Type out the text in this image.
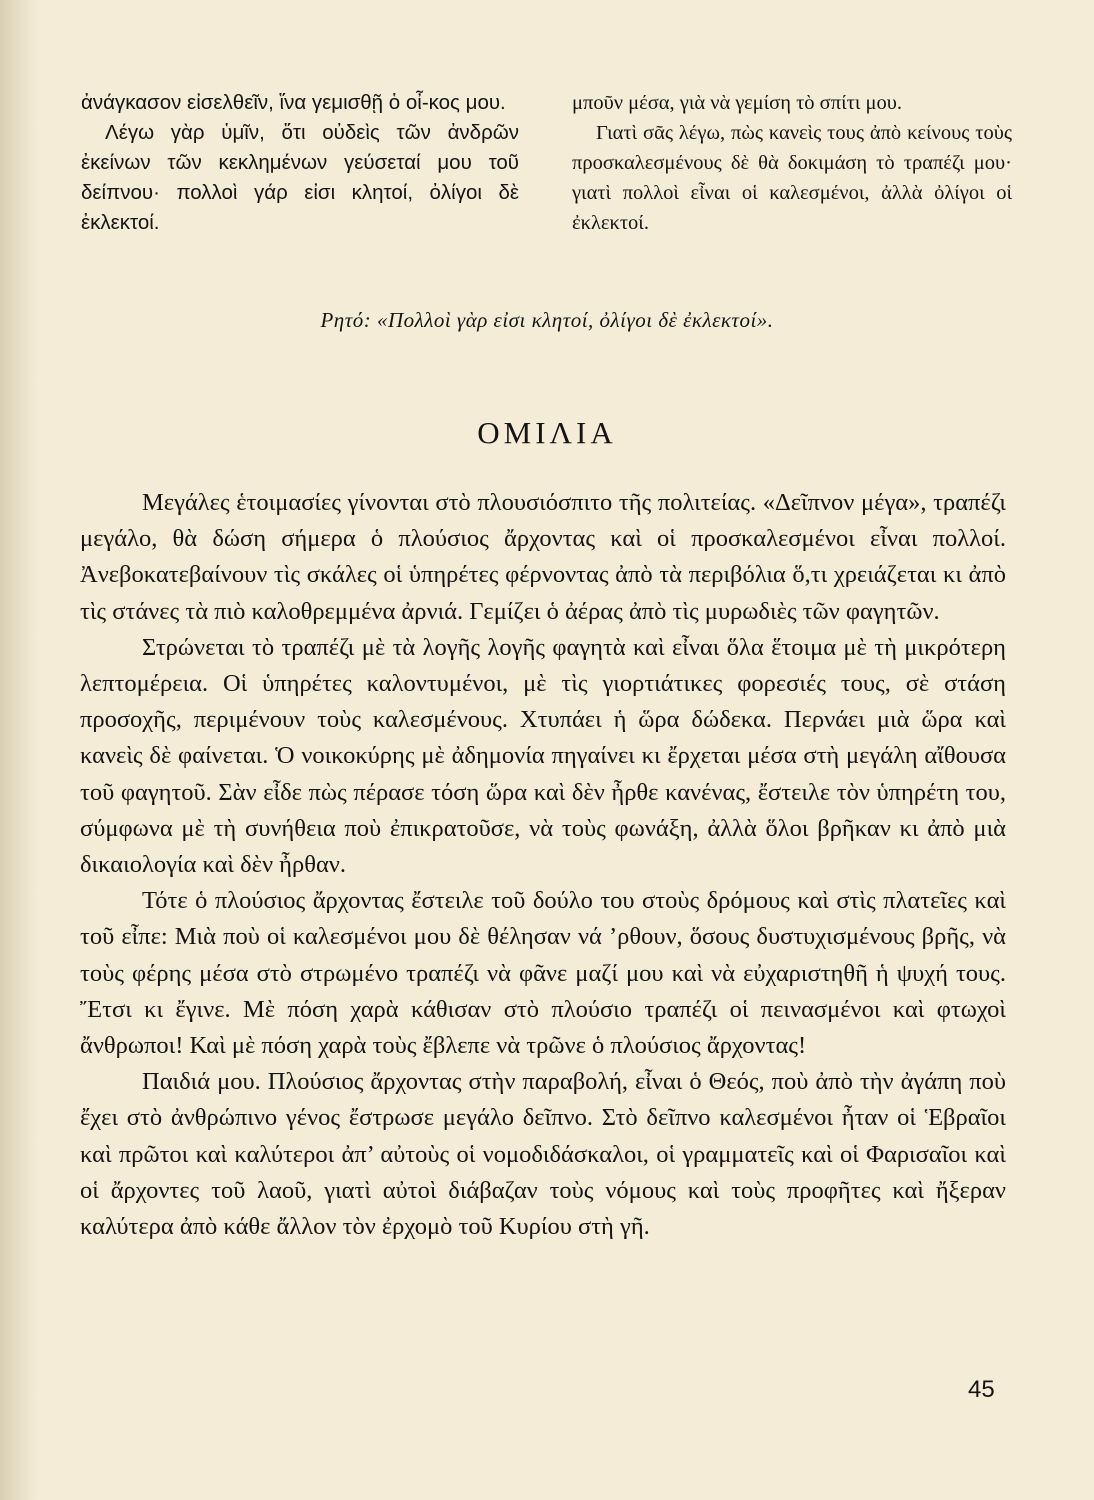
ἀνάγκασον εἰσελθεῖν, ἵνα γεμισθῇ ὁ οἶ-κος μου.

Λέγω γὰρ ὑμῖν, ὅτι οὐδεὶς τῶν ἀνδρῶν ἐκείνων τῶν κεκλημένων γεύσεταί μου τοῦ δείπνου· πολλοὶ γάρ εἰσι κλητοί, ὀλίγοι δὲ ἐκλεκτοί.

μποῦν μέσα, γιὰ νὰ γεμίση τὸ σπίτι μου.

Γιατὶ σᾶς λέγω, πὼς κανεὶς τους ἀπὸ κείνους τοὺς προσκαλεσμένους δὲ θὰ δοκιμάση τὸ τραπέζι μου· γιατὶ πολλοὶ εἶναι οἱ καλεσμένοι, ἀλλὰ ὀλίγοι οἱ ἐκλεκτοί.

Ρητό: «Πολλοὶ γὰρ εἰσι κλητοί, ὀλίγοι δὲ ἐκλεκτοί».
ΟΜΙΛΙΑ

Μεγάλες ἑτοιμασίες γίνονται στὸ πλουσιόσπιτο τῆς πολιτείας. «Δεῖπνον μέγα», τραπέζι μεγάλο, θὰ δώση σήμερα ὁ πλούσιος ἄρχοντας καὶ οἱ προσκαλεσμένοι εἶναι πολλοί. Ἀνεβοκατεβαίνουν τὶς σκάλες οἱ ὑπηρέτες φέρνοντας ἀπὸ τὰ περιβόλια ὅ,τι χρειάζεται κι ἀπὸ τὶς στάνες τὰ πιὸ καλοθρεμμένα ἀρνιά. Γεμίζει ὁ ἀέρας ἀπὸ τὶς μυρωδιὲς τῶν φαγητῶν.

Στρώνεται τὸ τραπέζι μὲ τὰ λογῆς λογῆς φαγητὰ καὶ εἶναι ὅλα ἕτοιμα μὲ τὴ μικρότερη λεπτομέρεια. Οἱ ὑπηρέτες καλοντυμένοι, μὲ τὶς γιορτιάτικες φορεσιές τους, σὲ στάση προσοχῆς, περιμένουν τοὺς καλεσμένους. Χτυπάει ἡ ὥρα δώδεκα. Περνάει μιὰ ὥρα καὶ κανεὶς δὲ φαίνεται. Ὁ νοικοκύρης μὲ ἀδημονία πηγαίνει κι ἔρχεται μέσα στὴ μεγάλη αἴθουσα τοῦ φαγητοῦ. Σὰν εἶδε πὼς πέρασε τόση ὥρα καὶ δὲν ἦρθε κανένας, ἔστειλε τὸν ὑπηρέτη του, σύμφωνα μὲ τὴ συνήθεια ποὺ ἐπικρατοῦσε, νὰ τοὺς φωνάξη, ἀλλὰ ὅλοι βρῆκαν κι ἀπὸ μιὰ δικαιολογία καὶ δὲν ἦρθαν.

Τότε ὁ πλούσιος ἄρχοντας ἔστειλε τοῦ δούλο του στοὺς δρόμους καὶ στὶς πλατεῖες καὶ τοῦ εἶπε: Μιὰ ποὺ οἱ καλεσμένοι μου δὲ θέλησαν νά ’ρθουν, ὅσους δυστυχισμένους βρῆς, νὰ τοὺς φέρης μέσα στὸ στρωμένο τραπέζι νὰ φᾶνε μαζί μου καὶ νὰ εὐχαριστηθῆ ἡ ψυχή τους. Ἔτσι κι ἔγινε. Μὲ πόση χαρὰ κάθισαν στὸ πλούσιο τραπέζι οἱ πεινασμένοι καὶ φτωχοὶ ἄνθρωποι! Καὶ μὲ πόση χαρὰ τοὺς ἔβλεπε νὰ τρῶνε ὁ πλούσιος ἄρχοντας!

Παιδιά μου. Πλούσιος ἄρχοντας στὴν παραβολή, εἶναι ὁ Θεός, ποὺ ἀπὸ τὴν ἀγάπη ποὺ ἔχει στὸ ἀνθρώπινο γένος ἔστρωσε μεγάλο δεῖπνο. Στὸ δεῖπνο καλεσμένοι ἦταν οἱ Ἑβραῖοι καὶ πρῶτοι καὶ καλύτεροι ἀπ’ αὐτοὺς οἱ νομοδιδάσκαλοι, οἱ γραμματεῖς καὶ οἱ Φαρισαῖοι καὶ οἱ ἄρχοντες τοῦ λαοῦ, γιατὶ αὐτοὶ διάβαζαν τοὺς νόμους καὶ τοὺς προφῆτες καὶ ἤξεραν καλύτερα ἀπὸ κάθε ἄλλον τὸν ἐρχομὸ τοῦ Κυρίου στὴ γῆ.

45
